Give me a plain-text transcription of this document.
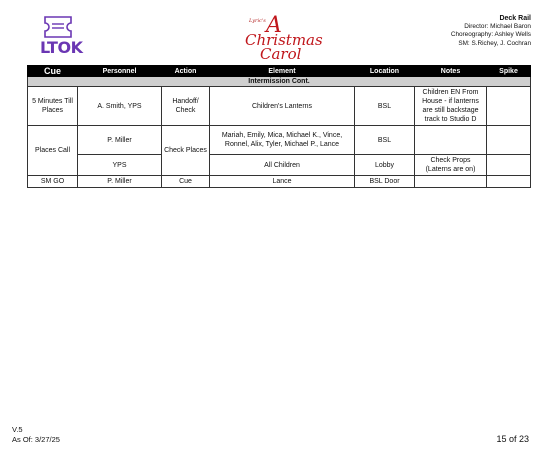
LTOK
Lyric's A
Christmas
Carol
Deck Rail
Director: Michael Baron
Choreography: Ashley Wells
SM: S.Richey, J. Cochran
Cue	Personnel	Action	Element	Location	Notes	Spike
Intermission Cont.						
5 Minutes Till Places	A. Smith, YPS	Handoff/ Check	Children's Lanterns	BSL	Children EN From House - if lanterns are still backstage track to Studio D	
Places Call	P. Miller	Check Places	Mariah, Emily, Mica, Michael K., Vince, Ronnel, Alix, Tyler, Michael P., Lance	BSL		
	YPS		All Children	Lobby	Check Props (Laterns are on)	
SM GO	P. Miller	Cue	Lance	BSL Door		
V.5
As Of: 3/27/25	15 of 23
